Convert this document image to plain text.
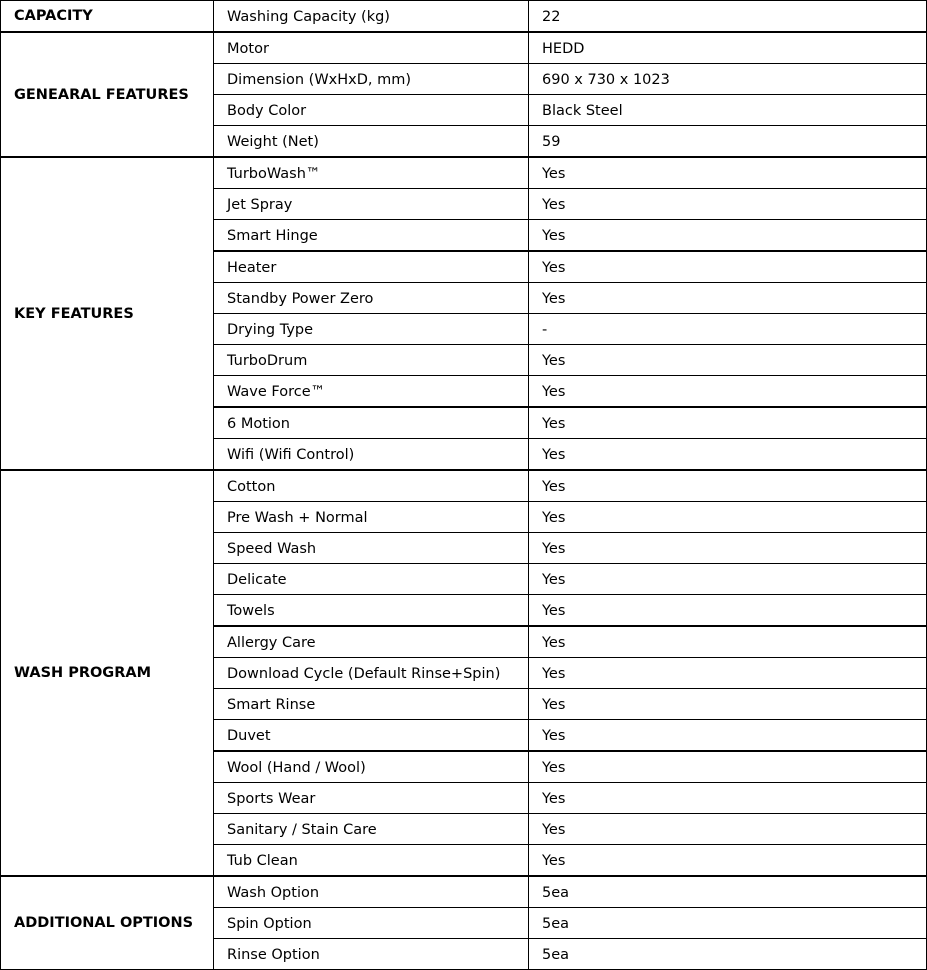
CAPACITY	Washing Capacity (kg)	22
GENEARAL FEATURES	Motor	HEDD
	Dimension (WxHxD, mm)	690 x 730 x 1023
	Body Color	Black Steel
	Weight (Net)	59
KEY FEATURES	TurboWash™	Yes
	Jet Spray	Yes
	Smart Hinge	Yes
	Heater	Yes
	Standby Power Zero	Yes
	Drying Type	-
	TurboDrum	Yes
	Wave Force™	Yes
	6 Motion	Yes
	Wifi (Wifi Control)	Yes
WASH PROGRAM	Cotton	Yes
	Pre Wash + Normal	Yes
	Speed Wash	Yes
	Delicate	Yes
	Towels	Yes
	Allergy Care	Yes
	Download Cycle (Default Rinse+Spin)	Yes
	Smart Rinse	Yes
	Duvet	Yes
	Wool (Hand / Wool)	Yes
	Sports Wear	Yes
	Sanitary / Stain Care	Yes
	Tub Clean	Yes
ADDITIONAL OPTIONS	Wash Option	5ea
	Spin Option	5ea
	Rinse Option	5ea
